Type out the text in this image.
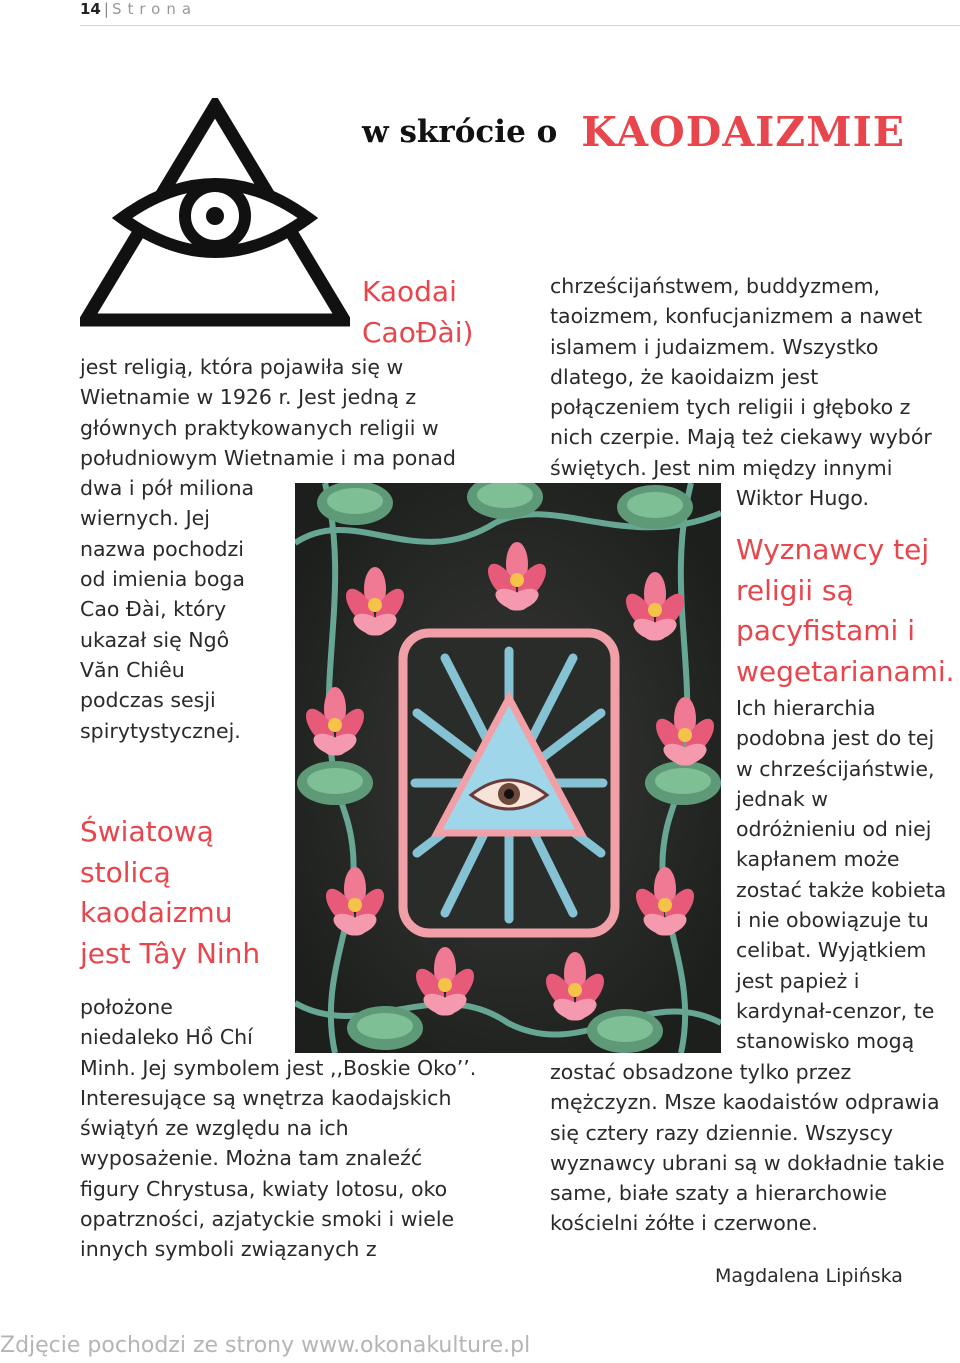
14 | Strona
w skrócie o KAODAIZMIE
Kaodai
CaoĐài)
jest religią, która pojawiła się w
Wietnamie w 1926 r. Jest jedną z
głównych praktykowanych religii w
południowym Wietnamie i ma ponad
dwa i pół miliona
wiernych. Jej
nazwa pochodzi
od imienia boga
Cao Đài, który
ukazał się Ngô
Văn Chiêu
podczas sesji
spirytystycznej.
Światową
stolicą
kaodaizmu
jest Tây Ninh
położone
niedaleko Hồ Chí
Minh. Jej symbolem jest ,,Boskie Oko’’.
Interesujące są wnętrza kaodajskich
świątyń ze względu na ich
wyposażenie. Można tam znaleźć
figury Chrystusa, kwiaty lotosu, oko
opatrzności, azjatyckie smoki i wiele
innych symboli związanych z
chrześcijaństwem, buddyzmem,
taoizmem, konfucjanizmem a nawet
islamem i judaizmem. Wszystko
dlatego, że kaoidaizm jest
połączeniem tych religii i głęboko z
nich czerpie. Mają też ciekawy wybór
świętych. Jest nim między innymi
Wiktor Hugo.
Wyznawcy tej
religii są
pacyfistami i
wegetarianami.
Ich hierarchia
podobna jest do tej
w chrześcijaństwie,
jednak w
odróżnieniu od niej
kapłanem może
zostać także kobieta
i nie obowiązuje tu
celibat. Wyjątkiem
jest papież i
kardynał-cenzor, te
stanowisko mogą
zostać obsadzone tylko przez
mężczyzn. Msze kaodaistów odprawia
się cztery razy dziennie. Wszyscy
wyznawcy ubrani są w dokładnie takie
same, białe szaty a hierarchowie
kościelni żółte i czerwone.
Magdalena Lipińska
Zdjęcie pochodzi ze strony www.okonakulture.pl
